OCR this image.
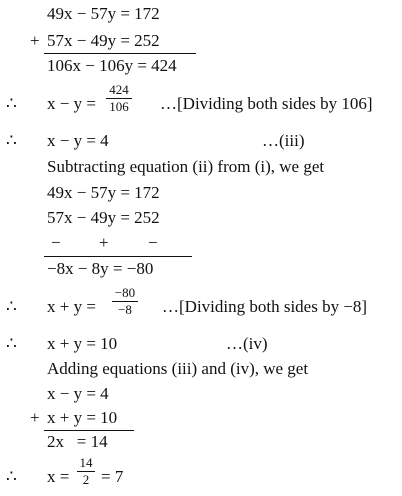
49x − 57y = 172
+ 57x − 49y = 252
106x − 106y = 424
∴ x − y =
424
106 …[Dividing both sides by 106]
∴ x − y = 4	…(iii)
Subtracting equation (ii) from (i), we get
49x − 57y = 172
57x − 49y = 252
− + −
−8x − 8y = −80
∴ x + y =
−80
−8	…[Dividing both sides by −8]
∴ x + y = 10	…(iv)
Adding equations (iii) and (iv), we get
x − y = 4
+ x + y = 10
2x   = 14
∴ x =
14
2 = 7
